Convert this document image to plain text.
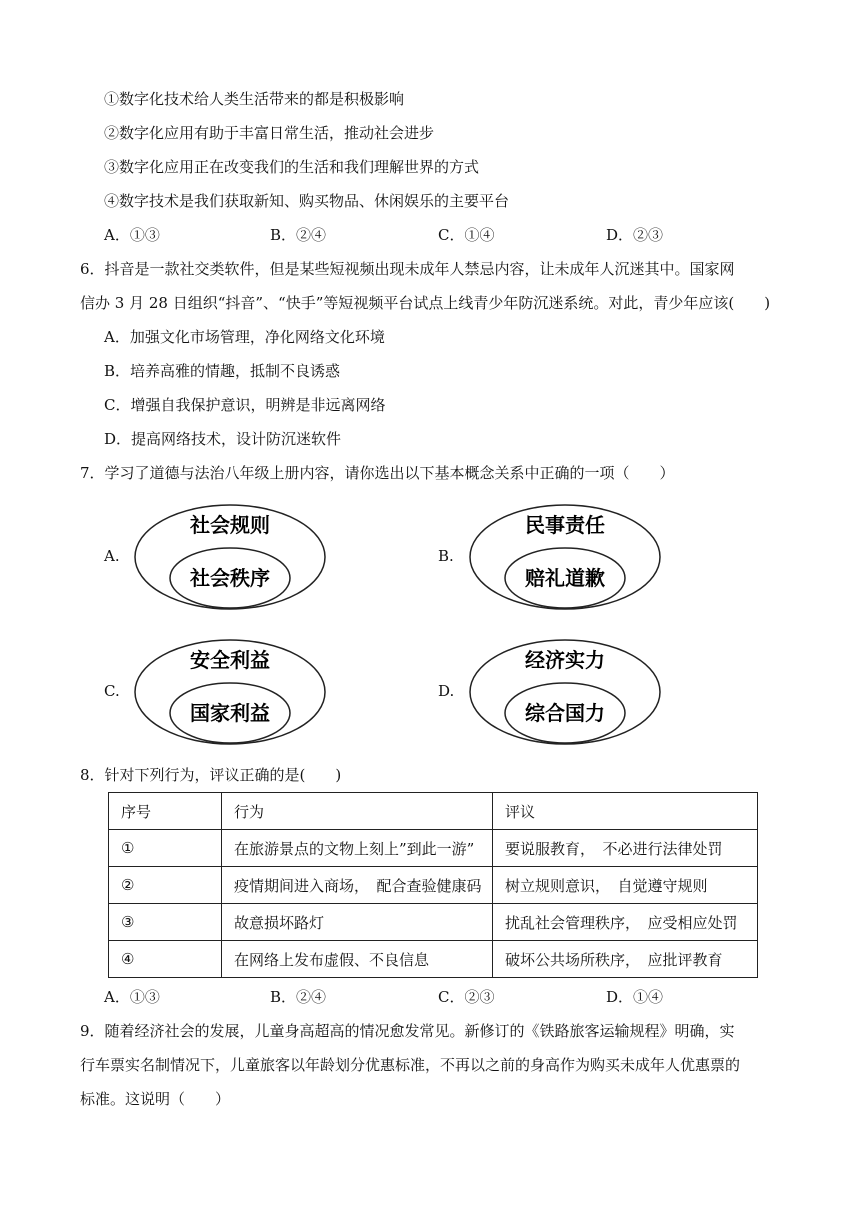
①数字化技术给人类生活带来的都是积极影响
②数字化应用有助于丰富日常生活，推动社会进步
③数字化应用正在改变我们的生活和我们理解世界的方式
④数字技术是我们获取新知、购买物品、休闲娱乐的主要平台
A．①③	B．②④	C．①④	D．②③
6．抖音是一款社交类软件，但是某些短视频出现未成年人禁忌内容，让未成年人沉迷其中。国家网
信办 3 月 28 日组织“抖音”、“快手”等短视频平台试点上线青少年防沉迷系统。对此，青少年应该(　　)
A．加强文化市场管理，净化网络文化环境
B．培养高雅的情趣，抵制不良诱惑
C．增强自我保护意识，明辨是非远离网络
D．提高网络技术，设计防沉迷软件
7．学习了道德与法治八年级上册内容，请你选出以下基本概念关系中正确的一项（　　）
A.
社会规则
社会秩序
B.
民事责任
赔礼道歉
C.
安全利益
国家利益
D.
经济实力
综合国力
8．针对下列行为，评议正确的是(　　)
序号	行为	评议
①	在旅游景点的文物上刻上”到此一游”	要说服教育，　不必进行法律处罚
②	疫情期间进入商场，　配合查验健康码	树立规则意识，　自觉遵守规则
③	故意损坏路灯	扰乱社会管理秩序，　应受相应处罚
④	在网络上发布虚假、不良信息	破坏公共场所秩序，　应批评教育
A．①③	B．②④	C．②③	D．①④
9．随着经济社会的发展，儿童身高超高的情况愈发常见。新修订的《铁路旅客运输规程》明确，实
行车票实名制情况下，儿童旅客以年龄划分优惠标准，不再以之前的身高作为购买未成年人优惠票的
标准。这说明（　　）
